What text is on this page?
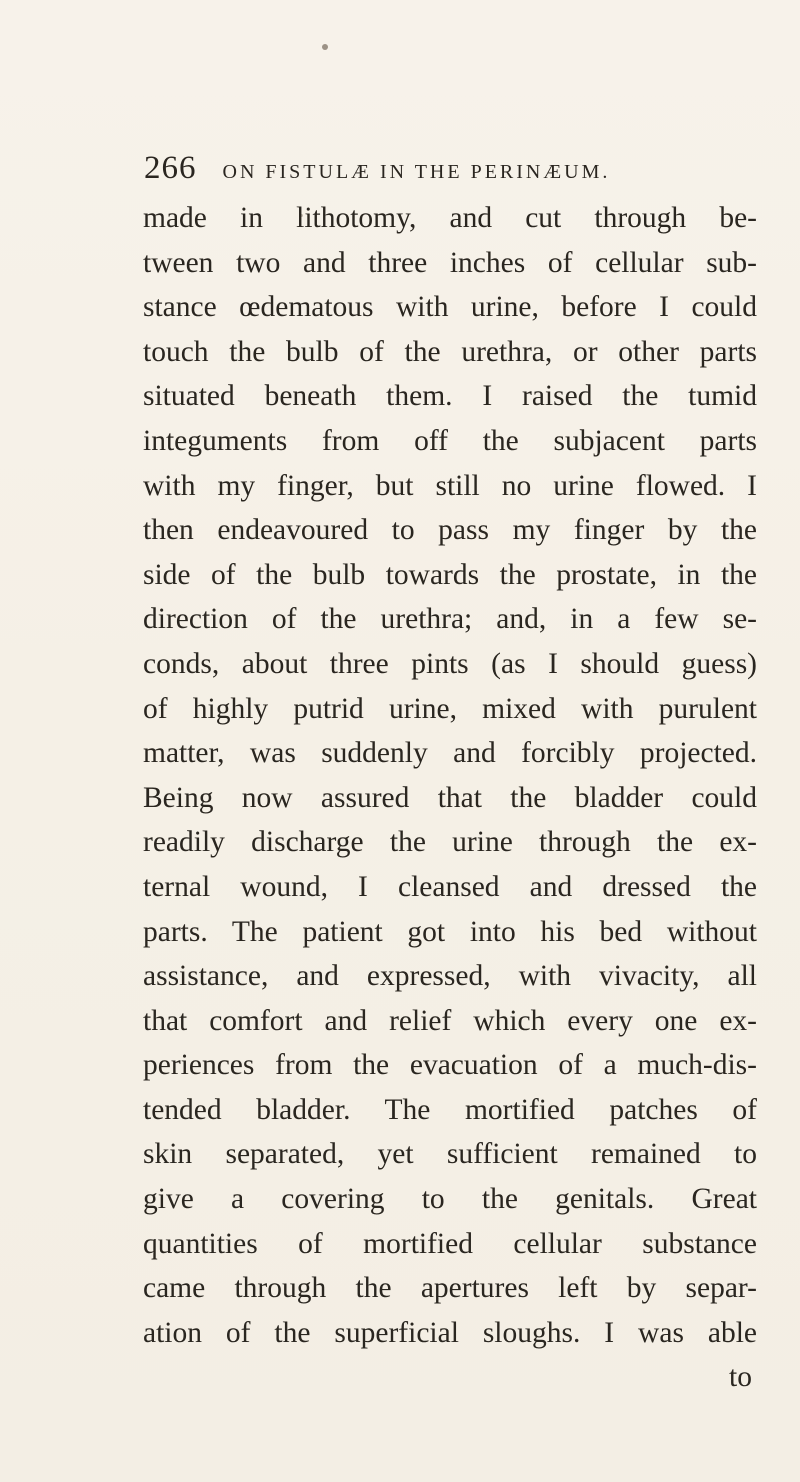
266 ON FISTULÆ IN THE PERINÆUM.
made in lithotomy, and cut through be-
tween two and three inches of cellular sub-
stance œdematous with urine, before I could
touch the bulb of the urethra, or other parts
situated beneath them. I raised the tumid
integuments from off the subjacent parts
with my finger, but still no urine flowed. I
then endeavoured to pass my finger by the
side of the bulb towards the prostate, in the
direction of the urethra; and, in a few se-
conds, about three pints (as I should guess)
of highly putrid urine, mixed with purulent
matter, was suddenly and forcibly projected.
Being now assured that the bladder could
readily discharge the urine through the ex-
ternal wound, I cleansed and dressed the
parts. The patient got into his bed without
assistance, and expressed, with vivacity, all
that comfort and relief which every one ex-
periences from the evacuation of a much-dis-
tended bladder. The mortified patches of
skin separated, yet sufficient remained to
give a covering to the genitals. Great
quantities of mortified cellular substance
came through the apertures left by separ-
ation of the superficial sloughs. I was able
to
